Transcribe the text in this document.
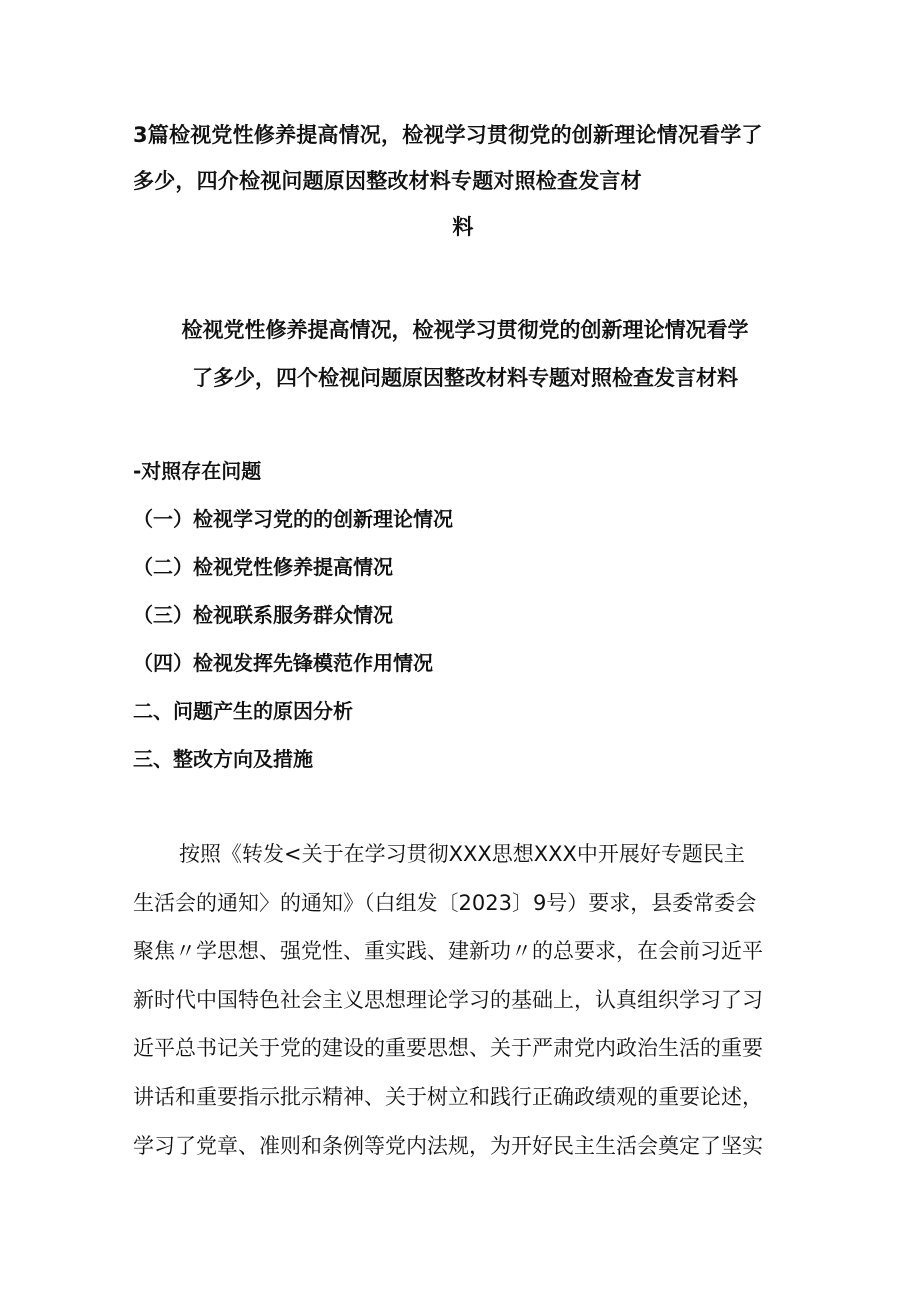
3篇检视党性修养提高情况，检视学习贯彻党的创新理论情况看学了
多少，四介检视问题原因整改材料专题对照检查发言材
料
检视党性修养提高情况，检视学习贯彻党的创新理论情况看学
了多少，四个检视问题原因整改材料专题对照检查发言材料
-对照存在问题
（一）检视学习党的的创新理论情况
（二）检视党性修养提高情况
（三）检视联系服务群众情况
（四）检视发挥先锋模范作用情况
二、问题产生的原因分析
三、整改方向及措施
按照《转发<关于在学习贯彻XXX思想XXX中开展好专题民主
生活会的通知〉的通知》（白组发〔2023〕9号）要求，县委常委会
聚焦〃学思想、强党性、重实践、建新功〃的总要求，在会前习近平
新时代中国特色社会主义思想理论学习的基础上，认真组织学习了习
近平总书记关于党的建设的重要思想、关于严肃党内政治生活的重要
讲话和重要指示批示精神、关于树立和践行正确政绩观的重要论述，
学习了党章、准则和条例等党内法规，为开好民主生活会奠定了坚实
